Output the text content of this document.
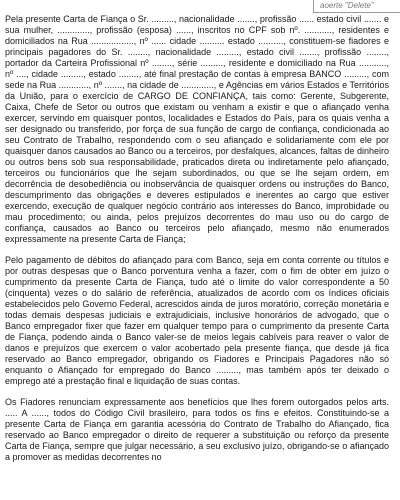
aoerte "Delete"

Pela presente Carta de Fiança o Sr. ........., nacionalidade ......., profissão ...... estado civil ....... e sua mulher, ............., profissão (esposa) ......, inscritos no CPF sob nº. ..........., residentes e domiciliados na Rua ................., nº ...... cidade .......... estado .........., constituem-se fiadores e principais pagadores do Sr. ........, nacionalidade ........., estado civil ......., profissão ........, portador da Carteira Profissional nº ........, série ........., residente e domiciliado na Rua ..........., nº ...., cidade ........., estado ........, até final prestação de contas à empresa BANCO ........., com sede na Rua ............, nº ......., na cidade de ............., e Agências em vários Estados e Territórios da União, para o exercício de CARGO DE CONFIANÇA, tais como: Gerente, Subgerente, Caixa, Chefe de Setor ou outros que existam ou venham a existir e que o afiançado venha exercer, servindo em quaisquer pontos, localidades e Estados do País, para os quais venha a ser designado ou transferido, por força de sua função de cargo de confiança, condicionada ao seu Contrato de Trabalho, respondendo com o seu afiançado e solidariamente com ele por quaisquer danos causados ao Banco ou a terceiros, por desfalques, alcances, faltas de dinheiro ou outros bens sob sua responsabilidade, praticados direta ou indiretamente pelo afiançado, terceiros ou funcionários que lhe sejam subordinados, ou que se lhe sejam ordem, em decorrência de desobediência ou inobservância de quaisquer ordens ou instruções do Banco, descumprimento das obrigações e deveres estipulados e inerentes ao cargo que estiver exercendo, execução de qualquer negócio contrário aos interesses do Banco, improbidade ou mau procedimento; ou ainda, pelos prejuízos decorrentes do mau uso ou do cargo de confiança, causados ao Banco ou terceiros pelo afiançado, mesmo não enumerados expressamente na presente Carta de Fiança;

Pelo pagamento de débitos do afiançado para com Banco, seja em conta corrente ou títulos e por outras despesas que o Banco porventura venha a fazer, com o fim de obter em juízo o cumprimento da presente Carta de Fiança, tudo até o limite do valor correspondente a 50 (cinquenta) vezes o do salário de referência, atualizados de acordo com os índices oficiais estabelecidos pelo Governo Federal, acrescidos ainda de juros moratório, correção monetária e todas demais despesas judiciais e extrajudiciais, inclusive honorários de advogado, que o Banco empregador fixer que fazer em qualquer tempo para o cumprimento da presente Carta de Fiança, podendo ainda o Banco valer-se de meios legais cabíveis para reaver o valor de danos e prejuízos que exercem o valor acobertado pela presente fiança, que desde já fica reservado ao Banco empregador, obrigando os Fiadores e Principais Pagadores não só enquanto o Afiançado for empregado do Banco ........., mas também após ter deixado o emprego até a prestação final e liquidação de suas contas.

Os Fiadores renunciam expressamente aos benefícios que lhes forem outorgados pelos arts. ..... A ......, todos do Código Civil brasileiro, para todos os fins e efeitos. Constituindo-se a presente Carta de Fiança em garantia acessória do Contrato de Trabalho do Afiançado, fica reservado ao Banco empregador o direito de requerer a substituição ou reforço da presente Carta de Fiança, sempre que julgar necessário, a seu exclusivo juízo, obrigando-se o afiançado a promover as medidas decorrentes no
